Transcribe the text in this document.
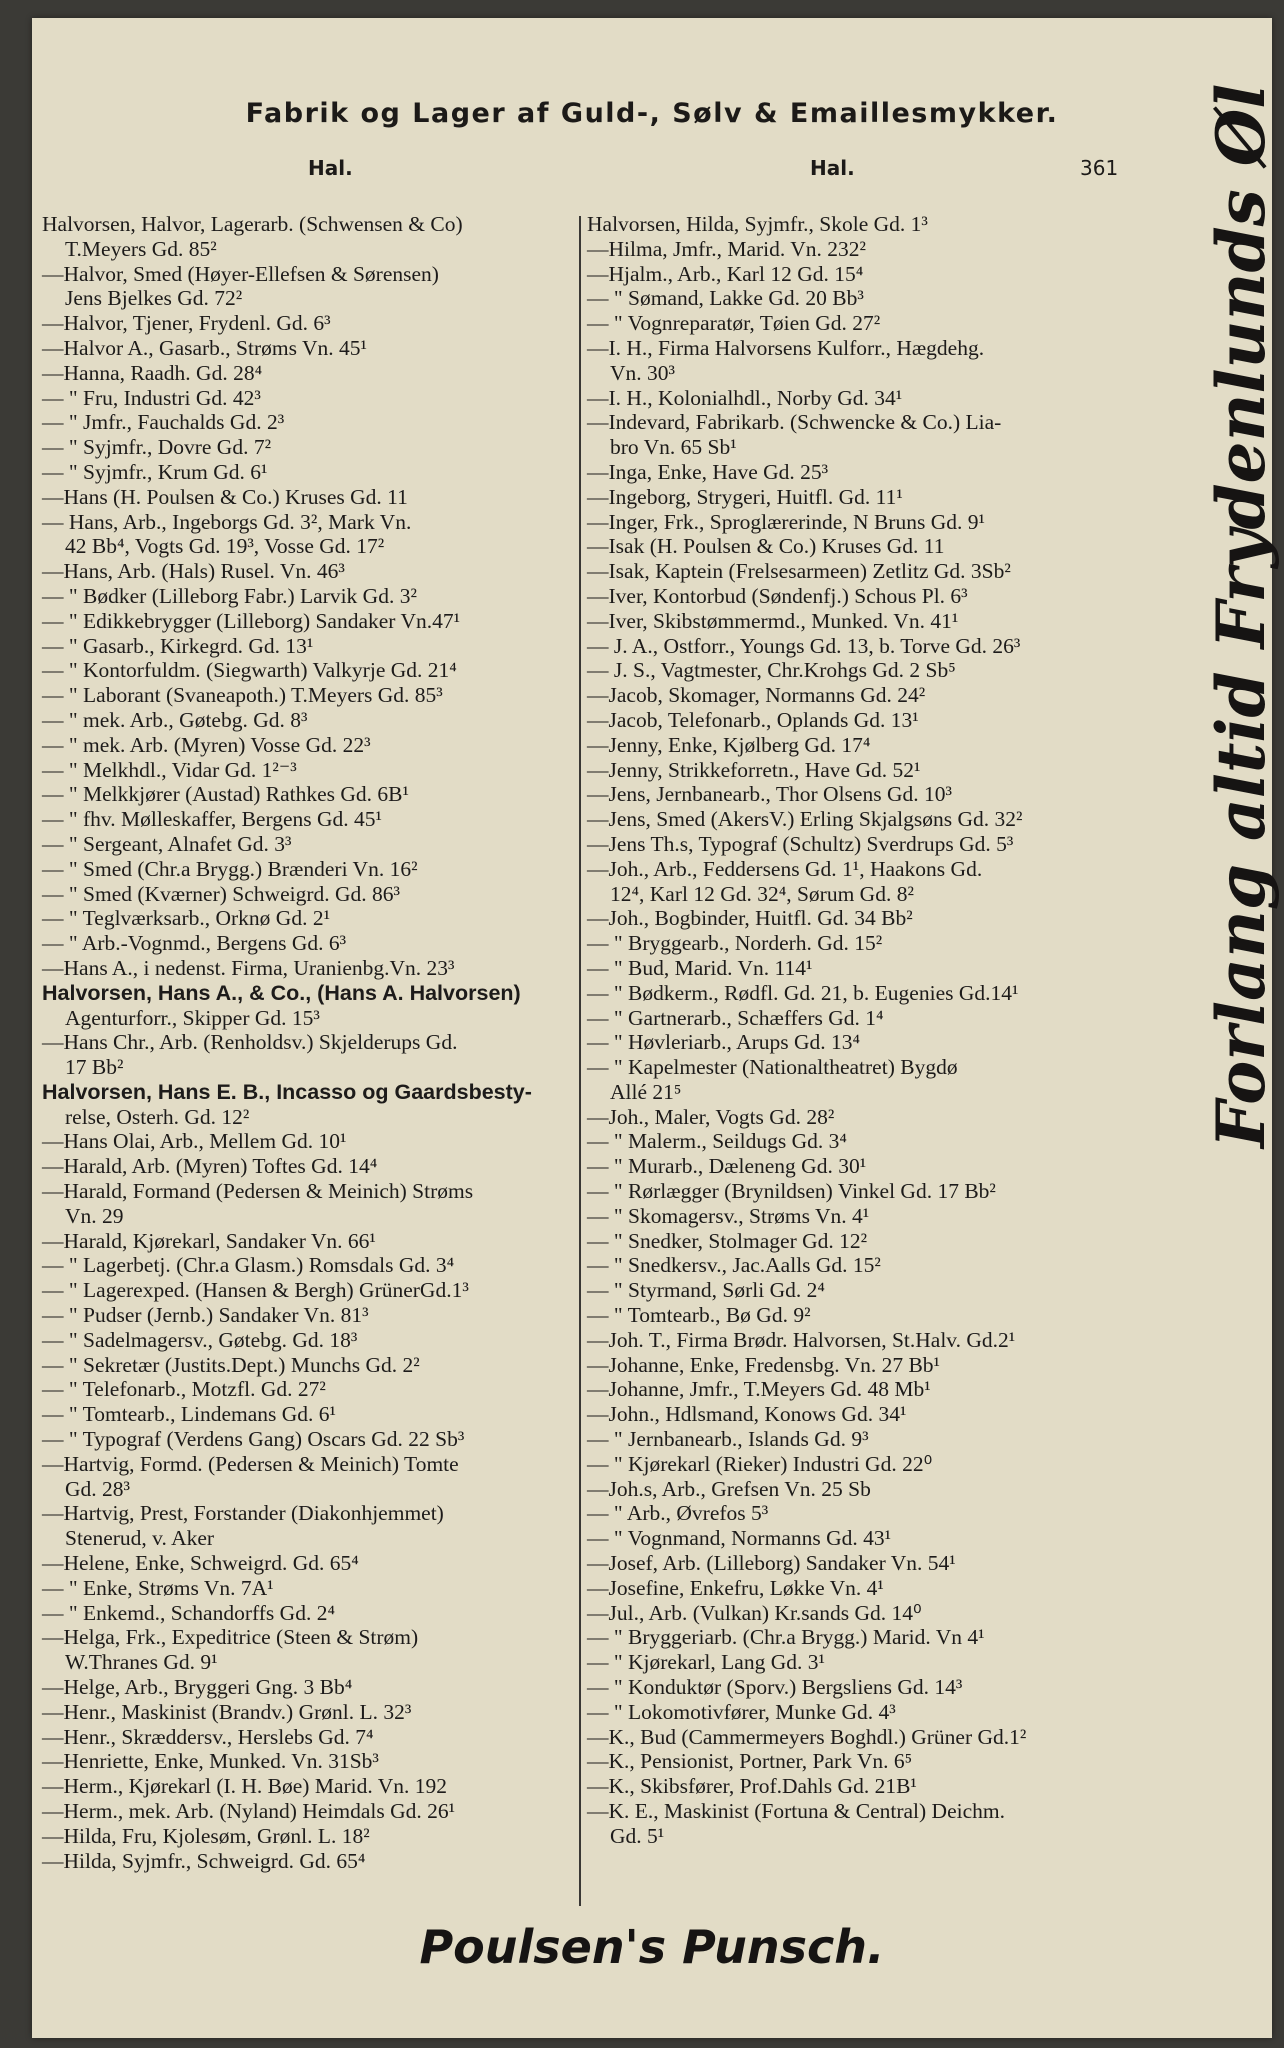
Fabrik og Lager af Guld-, Sølv & Emaillesmykker.
Hal.	Hal.	361
Halvorsen, Halvor, Lagerarb. (Schwensen & Co)
T.Meyers Gd. 85²
—Halvor, Smed (Høyer-Ellefsen & Sørensen)
Jens Bjelkes Gd. 72²
—Halvor, Tjener, Frydenl. Gd. 6³
—Halvor A., Gasarb., Strøms Vn. 45¹
—Hanna, Raadh. Gd. 28⁴
— " Fru, Industri Gd. 42³
— " Jmfr., Fauchalds Gd. 2³
— " Syjmfr., Dovre Gd. 7²
— " Syjmfr., Krum Gd. 6¹
—Hans (H. Poulsen & Co.) Kruses Gd. 11
— Hans, Arb., Ingeborgs Gd. 3², Mark Vn.
42 Bb⁴, Vogts Gd. 19³, Vosse Gd. 17²
—Hans, Arb. (Hals) Rusel. Vn. 46³
— " Bødker (Lilleborg Fabr.) Larvik Gd. 3²
— " Edikkebrygger (Lilleborg) Sandaker Vn.47¹
— " Gasarb., Kirkegrd. Gd. 13¹
— " Kontorfuldm. (Siegwarth) Valkyrje Gd. 21⁴
— " Laborant (Svaneapoth.) T.Meyers Gd. 85³
— " mek. Arb., Gøtebg. Gd. 8³
— " mek. Arb. (Myren) Vosse Gd. 22³
— " Melkhdl., Vidar Gd. 1²⁻³
— " Melkkjører (Austad) Rathkes Gd. 6B¹
— " fhv. Mølleskaffer, Bergens Gd. 45¹
— " Sergeant, Alnafet Gd. 3³
— " Smed (Chr.a Brygg.) Brænderi Vn. 16²
— " Smed (Kværner) Schweigrd. Gd. 86³
— " Teglværksarb., Orknø Gd. 2¹
— " Arb.-Vognmd., Bergens Gd. 6³
—Hans A., i nedenst. Firma, Uranienbg.Vn. 23³
Halvorsen, Hans A., & Co., (Hans A. Halvorsen)
Agenturforr., Skipper Gd. 15³
—Hans Chr., Arb. (Renholdsv.) Skjelderups Gd.
17 Bb²
Halvorsen, Hans E. B., Incasso og Gaardsbesty-
relse, Osterh. Gd. 12²
—Hans Olai, Arb., Mellem Gd. 10¹
—Harald, Arb. (Myren) Toftes Gd. 14⁴
—Harald, Formand (Pedersen & Meinich) Strøms
Vn. 29
—Harald, Kjørekarl, Sandaker Vn. 66¹
— " Lagerbetj. (Chr.a Glasm.) Romsdals Gd. 3⁴
— " Lagerexped. (Hansen & Bergh) GrünerGd.1³
— " Pudser (Jernb.) Sandaker Vn. 81³
— " Sadelmagersv., Gøtebg. Gd. 18³
— " Sekretær (Justits.Dept.) Munchs Gd. 2²
— " Telefonarb., Motzfl. Gd. 27²
— " Tomtearb., Lindemans Gd. 6¹
— " Typograf (Verdens Gang) Oscars Gd. 22 Sb³
—Hartvig, Formd. (Pedersen & Meinich) Tomte
Gd. 28³
—Hartvig, Prest, Forstander (Diakonhjemmet)
Stenerud, v. Aker
—Helene, Enke, Schweigrd. Gd. 65⁴
— " Enke, Strøms Vn. 7A¹
— " Enkemd., Schandorffs Gd. 2⁴
—Helga, Frk., Expeditrice (Steen & Strøm)
W.Thranes Gd. 9¹
—Helge, Arb., Bryggeri Gng. 3 Bb⁴
—Henr., Maskinist (Brandv.) Grønl. L. 32³
—Henr., Skræddersv., Herslebs Gd. 7⁴
—Henriette, Enke, Munked. Vn. 31Sb³
—Herm., Kjørekarl (I. H. Bøe) Marid. Vn. 192
—Herm., mek. Arb. (Nyland) Heimdals Gd. 26¹
—Hilda, Fru, Kjolesøm, Grønl. L. 18²
—Hilda, Syjmfr., Schweigrd. Gd. 65⁴
Halvorsen, Hilda, Syjmfr., Skole Gd. 1³
—Hilma, Jmfr., Marid. Vn. 232²
—Hjalm., Arb., Karl 12 Gd. 15⁴
— " Sømand, Lakke Gd. 20 Bb³
— " Vognreparatør, Tøien Gd. 27²
—I. H., Firma Halvorsens Kulforr., Hægdehg.
Vn. 30³
—I. H., Kolonialhdl., Norby Gd. 34¹
—Indevard, Fabrikarb. (Schwencke & Co.) Lia-
bro Vn. 65 Sb¹
—Inga, Enke, Have Gd. 25³
—Ingeborg, Strygeri, Huitfl. Gd. 11¹
—Inger, Frk., Sproglærerinde, N Bruns Gd. 9¹
—Isak (H. Poulsen & Co.) Kruses Gd. 11
—Isak, Kaptein (Frelsesarmeen) Zetlitz Gd. 3Sb²
—Iver, Kontorbud (Søndenfj.) Schous Pl. 6³
—Iver, Skibstømmermd., Munked. Vn. 41¹
— J. A., Ostforr., Youngs Gd. 13, b. Torve Gd. 26³
— J. S., Vagtmester, Chr.Krohgs Gd. 2 Sb⁵
—Jacob, Skomager, Normanns Gd. 24²
—Jacob, Telefonarb., Oplands Gd. 13¹
—Jenny, Enke, Kjølberg Gd. 17⁴
—Jenny, Strikkeforretn., Have Gd. 52¹
—Jens, Jernbanearb., Thor Olsens Gd. 10³
—Jens, Smed (AkersV.) Erling Skjalgsøns Gd. 32²
—Jens Th.s, Typograf (Schultz) Sverdrups Gd. 5³
—Joh., Arb., Feddersens Gd. 1¹, Haakons Gd.
12⁴, Karl 12 Gd. 32⁴, Sørum Gd. 8²
—Joh., Bogbinder, Huitfl. Gd. 34 Bb²
— " Bryggearb., Norderh. Gd. 15²
— " Bud, Marid. Vn. 114¹
— " Bødkerm., Rødfl. Gd. 21, b. Eugenies Gd.14¹
— " Gartnerarb., Schæffers Gd. 1⁴
— " Høvleriarb., Arups Gd. 13⁴
— " Kapelmester (Nationaltheatret) Bygdø
Allé 21⁵
—Joh., Maler, Vogts Gd. 28²
— " Malerm., Seildugs Gd. 3⁴
— " Murarb., Dæleneng Gd. 30¹
— " Rørlægger (Brynildsen) Vinkel Gd. 17 Bb²
— " Skomagersv., Strøms Vn. 4¹
— " Snedker, Stolmager Gd. 12²
— " Snedkersv., Jac.Aalls Gd. 15²
— " Styrmand, Sørli Gd. 2⁴
— " Tomtearb., Bø Gd. 9²
—Joh. T., Firma Brødr. Halvorsen, St.Halv. Gd.2¹
—Johanne, Enke, Fredensbg. Vn. 27 Bb¹
—Johanne, Jmfr., T.Meyers Gd. 48 Mb¹
—John., Hdlsmand, Konows Gd. 34¹
— " Jernbanearb., Islands Gd. 9³
— " Kjørekarl (Rieker) Industri Gd. 22⁰
—Joh.s, Arb., Grefsen Vn. 25 Sb
— " Arb., Øvrefos 5³
— " Vognmand, Normanns Gd. 43¹
—Josef, Arb. (Lilleborg) Sandaker Vn. 54¹
—Josefine, Enkefru, Løkke Vn. 4¹
—Jul., Arb. (Vulkan) Kr.sands Gd. 14⁰
— " Bryggeriarb. (Chr.a Brygg.) Marid. Vn 4¹
— " Kjørekarl, Lang Gd. 3¹
— " Konduktør (Sporv.) Bergsliens Gd. 14³
— " Lokomotivfører, Munke Gd. 4³
—K., Bud (Cammermeyers Boghdl.) Grüner Gd.1²
—K., Pensionist, Portner, Park Vn. 6⁵
—K., Skibsfører, Prof.Dahls Gd. 21B¹
—K. E., Maskinist (Fortuna & Central) Deichm.
Gd. 5¹
Forlang altid Frydenlunds Øl
Poulsen's Punsch.
